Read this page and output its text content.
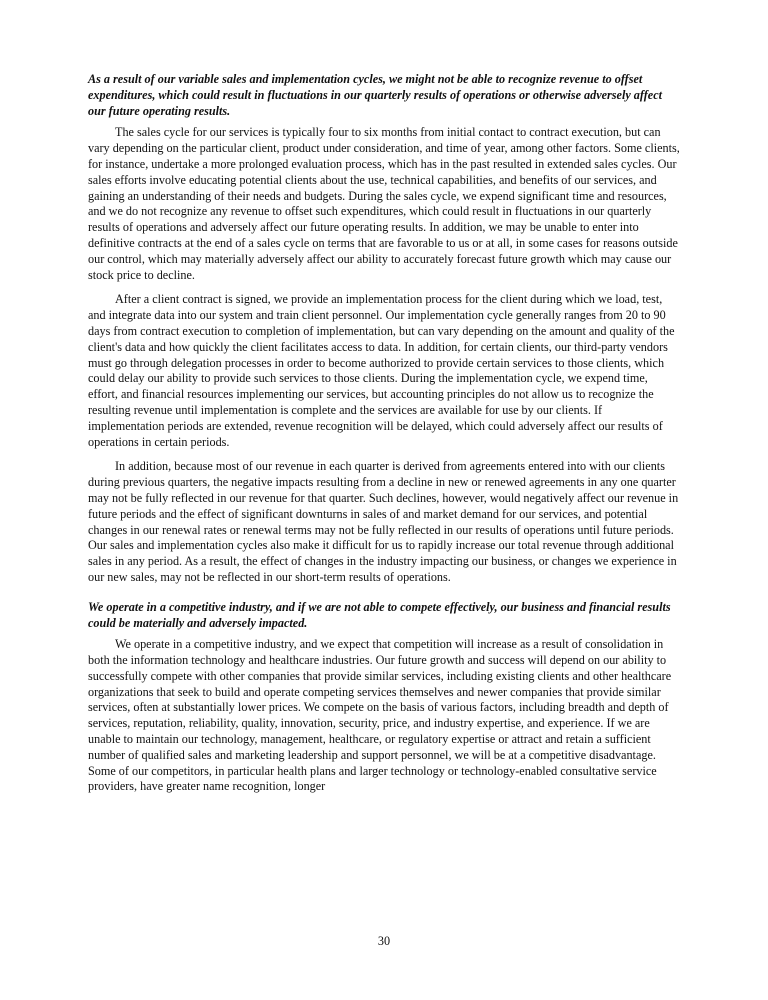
As a result of our variable sales and implementation cycles, we might not be able to recognize revenue to offset expenditures, which could result in fluctuations in our quarterly results of operations or otherwise adversely affect our future operating results.

The sales cycle for our services is typically four to six months from initial contact to contract execution, but can vary depending on the particular client, product under consideration, and time of year, among other factors. Some clients, for instance, undertake a more prolonged evaluation process, which has in the past resulted in extended sales cycles. Our sales efforts involve educating potential clients about the use, technical capabilities, and benefits of our services, and gaining an understanding of their needs and budgets. During the sales cycle, we expend significant time and resources, and we do not recognize any revenue to offset such expenditures, which could result in fluctuations in our quarterly results of operations and adversely affect our future operating results. In addition, we may be unable to enter into definitive contracts at the end of a sales cycle on terms that are favorable to us or at all, in some cases for reasons outside our control, which may materially adversely affect our ability to accurately forecast future growth which may cause our stock price to decline.

After a client contract is signed, we provide an implementation process for the client during which we load, test, and integrate data into our system and train client personnel. Our implementation cycle generally ranges from 20 to 90 days from contract execution to completion of implementation, but can vary depending on the amount and quality of the client's data and how quickly the client facilitates access to data. In addition, for certain clients, our third-party vendors must go through delegation processes in order to become authorized to provide certain services to those clients, which could delay our ability to provide such services to those clients. During the implementation cycle, we expend time, effort, and financial resources implementing our services, but accounting principles do not allow us to recognize the resulting revenue until implementation is complete and the services are available for use by our clients. If implementation periods are extended, revenue recognition will be delayed, which could adversely affect our results of operations in certain periods.

In addition, because most of our revenue in each quarter is derived from agreements entered into with our clients during previous quarters, the negative impacts resulting from a decline in new or renewed agreements in any one quarter may not be fully reflected in our revenue for that quarter. Such declines, however, would negatively affect our revenue in future periods and the effect of significant downturns in sales of and market demand for our services, and potential changes in our renewal rates or renewal terms may not be fully reflected in our results of operations until future periods. Our sales and implementation cycles also make it difficult for us to rapidly increase our total revenue through additional sales in any period. As a result, the effect of changes in the industry impacting our business, or changes we experience in our new sales, may not be reflected in our short-term results of operations.

We operate in a competitive industry, and if we are not able to compete effectively, our business and financial results could be materially and adversely impacted.

We operate in a competitive industry, and we expect that competition will increase as a result of consolidation in both the information technology and healthcare industries. Our future growth and success will depend on our ability to successfully compete with other companies that provide similar services, including existing clients and other healthcare organizations that seek to build and operate competing services themselves and newer companies that provide similar services, often at substantially lower prices. We compete on the basis of various factors, including breadth and depth of services, reputation, reliability, quality, innovation, security, price, and industry expertise, and experience. If we are unable to maintain our technology, management, healthcare, or regulatory expertise or attract and retain a sufficient number of qualified sales and marketing leadership and support personnel, we will be at a competitive disadvantage. Some of our competitors, in particular health plans and larger technology or technology-enabled consultative service providers, have greater name recognition, longer

30
